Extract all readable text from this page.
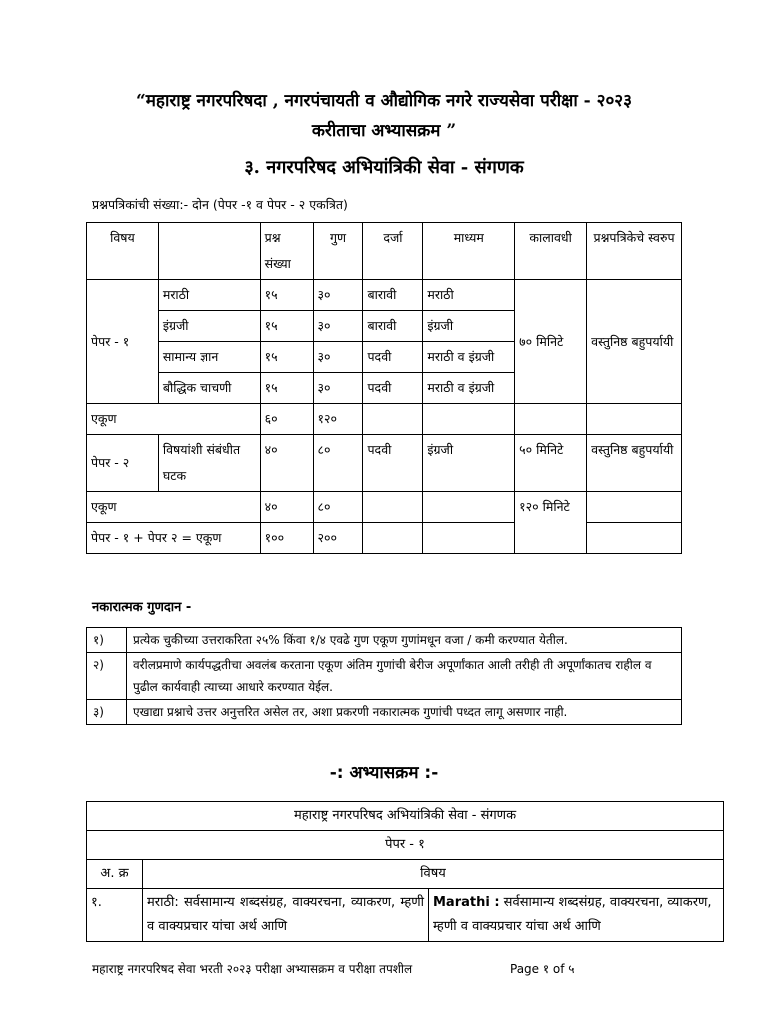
“महाराष्ट्र नगरपरिषदा , नगरपंचायती व औद्योगिक नगरे राज्यसेवा परीक्षा - २०२३
करीताचा अभ्यासक्रम ”
३. नगरपरिषद अभियांत्रिकी सेवा - संगणक
प्रश्नपत्रिकांची संख्या:- दोन (पेपर -१ व पेपर - २ एकत्रित)
विषय		प्रश्न संख्या	गुण	दर्जा	माध्यम	कालावधी	प्रश्नपत्रिकेचे स्वरुप
पेपर - १	मराठी	१५	३०	बारावी	मराठी	७० मिनिटे	वस्तुनिष्ठ बहुपर्यायी
	इंग्रजी	१५	३०	बारावी	इंग्रजी		
	सामान्य ज्ञान	१५	३०	पदवी	मराठी व इंग्रजी		
	बौद्धिक चाचणी	१५	३०	पदवी	मराठी व इंग्रजी		
एकूण		६०	१२०				
पेपर - २	विषयांशी संबंधीत घटक	४०	८०	पदवी	इंग्रजी	५० मिनिटे	वस्तुनिष्ठ बहुपर्यायी
एकूण		४०	८०			१२० मिनिटे	
पेपर - १ + पेपर २ = एकूण		१००	२००				
नकारात्मक गुणदान -
१)	प्रत्येक चुकीच्या उत्तराकरिता २५% किंवा १/४ एवढे गुण एकूण गुणांमधून वजा / कमी करण्यात येतील.
२)	वरीलप्रमाणे कार्यपद्धतीचा अवलंब करताना एकूण अंतिम गुणांची बेरीज अपूर्णांकात आली तरीही ती अपूर्णांकातच राहील व पुढील कार्यवाही त्याच्या आधारे करण्यात येईल.
३)	एखाद्या प्रश्नाचे उत्तर अनुत्तरित असेल तर, अशा प्रकरणी नकारात्मक गुणांची पध्दत लागू असणार नाही.
-: अभ्यासक्रम :-
महाराष्ट्र नगरपरिषद अभियांत्रिकी सेवा - संगणक		
पेपर - १		
अ. क्र	विषय	
१.	मराठी: सर्वसामान्य शब्दसंग्रह, वाक्यरचना, व्याकरण, म्हणी व वाक्यप्रचार यांचा अर्थ आणि	Marathi : सर्वसामान्य शब्दसंग्रह, वाक्यरचना, व्याकरण, म्हणी व वाक्यप्रचार यांचा अर्थ आणि
महाराष्ट्र नगरपरिषद सेवा भरती २०२३ परीक्षा अभ्यासक्रम व परीक्षा तपशील	Page १ of ५
